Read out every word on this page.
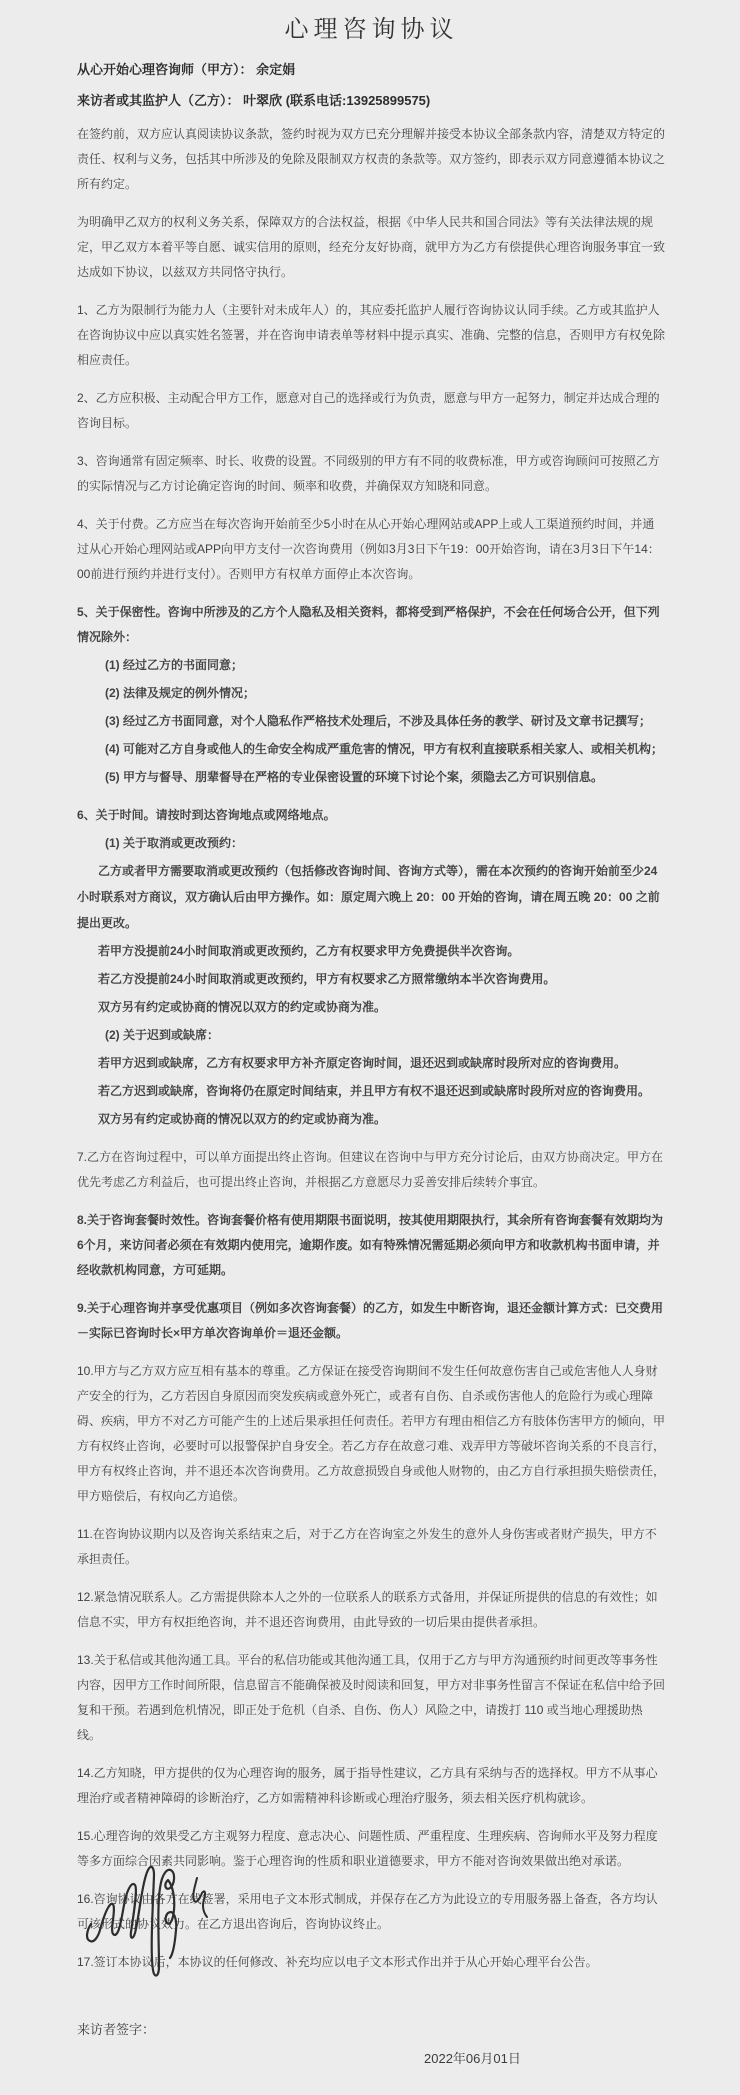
心理咨询协议

从心开始心理咨询师（甲方）： 余定娟

来访者或其监护人（乙方）： 叶翠欣 (联系电话:13925899575)

在签约前，双方应认真阅读协议条款，签约时视为双方已充分理解并接受本协议全部条款内容，清楚双方特定的责任、权利与义务，包括其中所涉及的免除及限制双方权责的条款等。双方签约，即表示双方同意遵循本协议之所有约定。

为明确甲乙双方的权利义务关系，保障双方的合法权益，根据《中华人民共和国合同法》等有关法律法规的规定，甲乙双方本着平等自愿、诚实信用的原则，经充分友好协商，就甲方为乙方有偿提供心理咨询服务事宜一致达成如下协议，以兹双方共同恪守执行。

1、乙方为限制行为能力人（主要针对未成年人）的，其应委托监护人履行咨询协议认同手续。乙方或其监护人在咨询协议中应以真实姓名签署，并在咨询申请表单等材料中提示真实、准确、完整的信息，否则甲方有权免除相应责任。

2、乙方应积极、主动配合甲方工作，愿意对自己的选择或行为负责，愿意与甲方一起努力，制定并达成合理的咨询目标。

3、咨询通常有固定频率、时长、收费的设置。不同级别的甲方有不同的收费标准，甲方或咨询顾问可按照乙方的实际情况与乙方讨论确定咨询的时间、频率和收费，并确保双方知晓和同意。

4、关于付费。乙方应当在每次咨询开始前至少5小时在从心开始心理网站或APP上或人工渠道预约时间，并通过从心开始心理网站或APP向甲方支付一次咨询费用（例如3月3日下午19：00开始咨询，请在3月3日下午14：00前进行预约并进行支付）。否则甲方有权单方面停止本次咨询。

5、关于保密性。咨询中所涉及的乙方个人隐私及相关资料，都将受到严格保护，不会在任何场合公开，但下列情况除外：

(1) 经过乙方的书面同意；

(2) 法律及规定的例外情况；

(3) 经过乙方书面同意，对个人隐私作严格技术处理后，不涉及具体任务的教学、研讨及文章书记撰写；

(4) 可能对乙方自身或他人的生命安全构成严重危害的情况，甲方有权利直接联系相关家人、或相关机构；

(5) 甲方与督导、朋辈督导在严格的专业保密设置的环境下讨论个案，须隐去乙方可识别信息。

6、关于时间。请按时到达咨询地点或网络地点。

(1) 关于取消或更改预约：

乙方或者甲方需要取消或更改预约（包括修改咨询时间、咨询方式等），需在本次预约的咨询开始前至少24小时联系对方商议，双方确认后由甲方操作。如：原定周六晚上 20：00 开始的咨询，请在周五晚 20：00 之前提出更改。

若甲方没提前24小时间取消或更改预约，乙方有权要求甲方免费提供半次咨询。

若乙方没提前24小时间取消或更改预约，甲方有权要求乙方照常缴纳本半次咨询费用。

双方另有约定或协商的情况以双方的约定或协商为准。

(2) 关于迟到或缺席：

若甲方迟到或缺席，乙方有权要求甲方补齐原定咨询时间，退还迟到或缺席时段所对应的咨询费用。

若乙方迟到或缺席，咨询将仍在原定时间结束，并且甲方有权不退还迟到或缺席时段所对应的咨询费用。

双方另有约定或协商的情况以双方的约定或协商为准。

7.乙方在咨询过程中，可以单方面提出终止咨询。但建议在咨询中与甲方充分讨论后，由双方协商决定。甲方在优先考虑乙方利益后，也可提出终止咨询，并根据乙方意愿尽力妥善安排后续转介事宜。

8.关于咨询套餐时效性。咨询套餐价格有使用期限书面说明，按其使用期限执行，其余所有咨询套餐有效期均为6个月，来访问者必须在有效期内使用完，逾期作废。如有特殊情况需延期必须向甲方和收款机构书面申请，并经收款机构同意，方可延期。

9.关于心理咨询并享受优惠项目（例如多次咨询套餐）的乙方，如发生中断咨询，退还金额计算方式：已交费用－实际已咨询时长×甲方单次咨询单价＝退还金额。

10.甲方与乙方双方应互相有基本的尊重。乙方保证在接受咨询期间不发生任何故意伤害自己或危害他人人身财产安全的行为，乙方若因自身原因而突发疾病或意外死亡，或者有自伤、自杀或伤害他人的危险行为或心理障碍、疾病，甲方不对乙方可能产生的上述后果承担任何责任。若甲方有理由相信乙方有肢体伤害甲方的倾向，甲方有权终止咨询，必要时可以报警保护自身安全。若乙方存在故意刁难、戏弄甲方等破坏咨询关系的不良言行，甲方有权终止咨询，并不退还本次咨询费用。乙方故意损毁自身或他人财物的，由乙方自行承担损失赔偿责任，甲方赔偿后，有权向乙方追偿。

11.在咨询协议期内以及咨询关系结束之后，对于乙方在咨询室之外发生的意外人身伤害或者财产损失，甲方不承担责任。

12.紧急情况联系人。乙方需提供除本人之外的一位联系人的联系方式备用，并保证所提供的信息的有效性；如信息不实，甲方有权拒绝咨询，并不退还咨询费用，由此导致的一切后果由提供者承担。

13.关于私信或其他沟通工具。平台的私信功能或其他沟通工具，仅用于乙方与甲方沟通预约时间更改等事务性内容，因甲方工作时间所限，信息留言不能确保被及时阅读和回复，甲方对非事务性留言不保证在私信中给予回复和干预。若遇到危机情况，即正处于危机（自杀、自伤、伤人）风险之中，请拨打 110 或当地心理援助热线。

14.乙方知晓，甲方提供的仅为心理咨询的服务，属于指导性建议，乙方具有采纳与否的选择权。甲方不从事心理治疗或者精神障碍的诊断治疗，乙方如需精神科诊断或心理治疗服务，须去相关医疗机构就诊。

15.心理咨询的效果受乙方主观努力程度、意志决心、问题性质、严重程度、生理疾病、咨询师水平及努力程度等多方面综合因素共同影响。鉴于心理咨询的性质和职业道德要求，甲方不能对咨询效果做出绝对承诺。

16.咨询协议由各方在线签署，采用电子文本形式制成，并保存在乙方为此设立的专用服务器上备查，各方均认可该形式的协议效力。在乙方退出咨询后，咨询协议终止。

17.签订本协议后，本协议的任何修改、补充均应以电子文本形式作出并于从心开始心理平台公告。

来访者签字：

2022年06月01日
